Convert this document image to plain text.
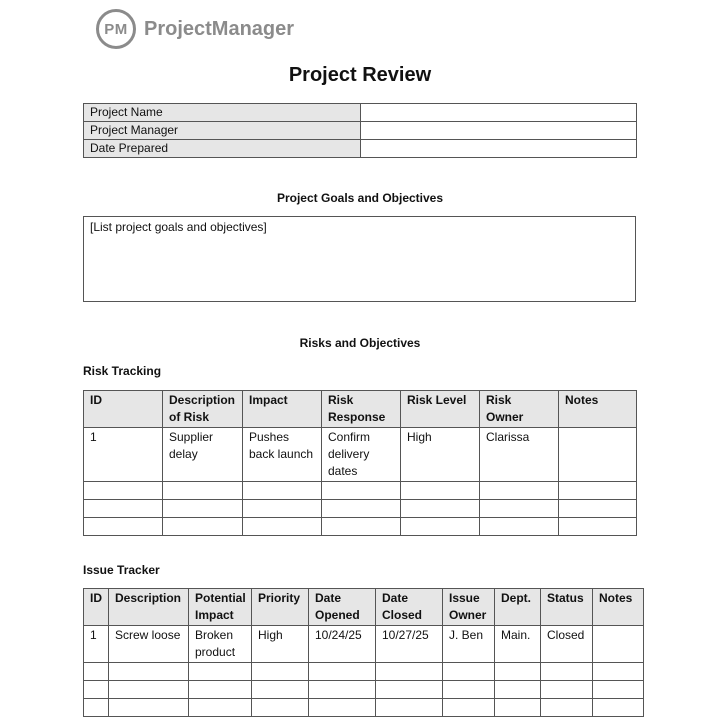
PM ProjectManager
Project Review
Project Name	
Project Manager	
Date Prepared	
Project Goals and Objectives
[List project goals and objectives]
Risks and Objectives
Risk Tracking
ID	Description of Risk	Impact	Risk Response	Risk Level	Risk Owner	Notes
1	Supplier delay	Pushes back launch	Confirm delivery dates	High	Clarissa	

Issue Tracker
ID	Description	Potential Impact	Priority	Date Opened	Date Closed	Issue Owner	Dept.	Status	Notes
1	Screw loose	Broken product	High	10/24/25	10/27/25	J. Ben	Main.	Closed	
